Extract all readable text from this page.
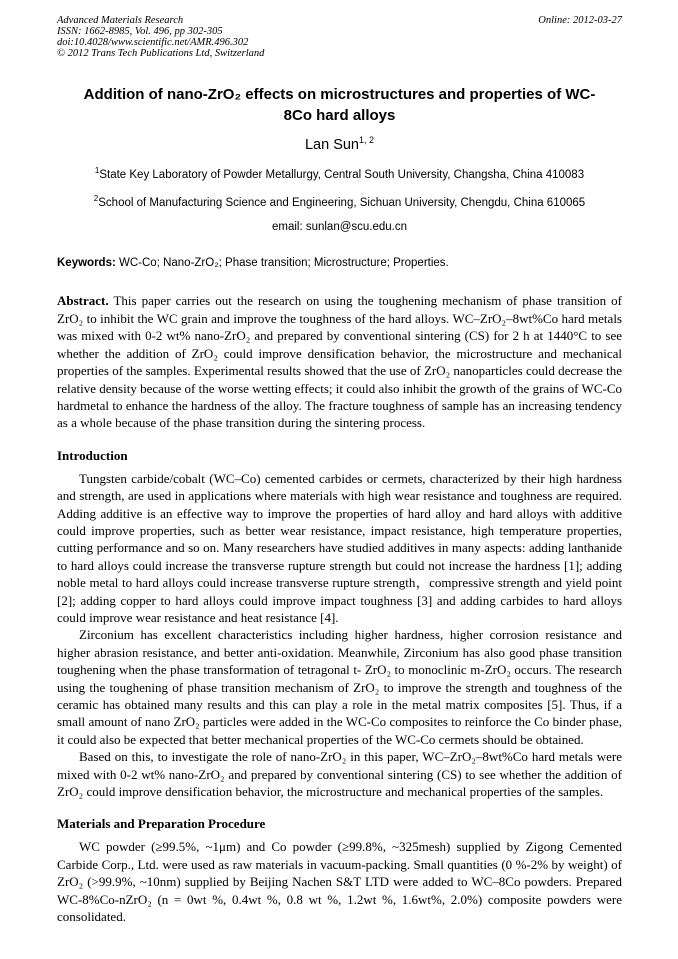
Advanced Materials Research
ISSN: 1662-8985, Vol. 496, pp 302-305
doi:10.4028/www.scientific.net/AMR.496.302
© 2012 Trans Tech Publications Ltd, Switzerland
Online: 2012-03-27
Addition of nano-ZrO₂ effects on microstructures and properties of WC-8Co hard alloys
Lan Sun$^{1, 2}$
$^1$State Key Laboratory of Powder Metallurgy, Central South University, Changsha, China 410083
$^2$School of Manufacturing Science and Engineering, Sichuan University, Chengdu, China 610065
email: sunlan@scu.edu.cn
Keywords: WC-Co; Nano-ZrO₂; Phase transition; Microstructure; Properties.

Abstract. This paper carries out the research on using the toughening mechanism of phase transition of ZrO₂ to inhibit the WC grain and improve the toughness of the hard alloys. WC–ZrO₂–8wt%Co hard metals was mixed with 0-2 wt% nano-ZrO₂ and prepared by conventional sintering (CS) for 2 h at 1440°C to see whether the addition of ZrO₂ could improve densification behavior, the microstructure and mechanical properties of the samples. Experimental results showed that the use of ZrO₂ nanoparticles could decrease the relative density because of the worse wetting effects; it could also inhibit the growth of the grains of WC-Co hardmetal to enhance the hardness of the alloy. The fracture toughness of sample has an increasing tendency as a whole because of the phase transition during the sintering process.

Introduction

Tungsten carbide/cobalt (WC–Co) cemented carbides or cermets, characterized by their high hardness and strength, are used in applications where materials with high wear resistance and toughness are required. Adding additive is an effective way to improve the properties of hard alloy and hard alloys with additive could improve properties, such as better wear resistance, impact resistance, high temperature properties, cutting performance and so on. Many researchers have studied additives in many aspects: adding lanthanide to hard alloys could increase the transverse rupture strength but could not increase the hardness [1]; adding noble metal to hard alloys could increase transverse rupture strength，compressive strength and yield point [2]; adding copper to hard alloys could improve impact toughness [3] and adding carbides to hard alloys could improve wear resistance and heat resistance [4].

Zirconium has excellent characteristics including higher hardness, higher corrosion resistance and higher abrasion resistance, and better anti-oxidation. Meanwhile, Zirconium has also good phase transition toughening when the phase transformation of tetragonal t- ZrO₂ to monoclinic m-ZrO₂ occurs. The research using the toughening of phase transition mechanism of ZrO₂ to improve the strength and toughness of the ceramic has obtained many results and this can play a role in the metal matrix composites [5]. Thus, if a small amount of nano ZrO₂ particles were added in the WC-Co composites to reinforce the Co binder phase, it could also be expected that better mechanical properties of the WC-Co cermets should be obtained.

Based on this, to investigate the role of nano-ZrO₂ in this paper, WC–ZrO₂–8wt%Co hard metals were mixed with 0-2 wt% nano-ZrO₂ and prepared by conventional sintering (CS) to see whether the addition of ZrO₂ could improve densification behavior, the microstructure and mechanical properties of the samples.

Materials and Preparation Procedure

WC powder (≥99.5%, ~1μm) and Co powder (≥99.8%, ~325mesh) supplied by Zigong Cemented Carbide Corp., Ltd. were used as raw materials in vacuum-packing. Small quantities (0 %-2% by weight) of ZrO₂ (>99.9%, ~10nm) supplied by Beijing Nachen S&T LTD were added to WC–8Co powders. Prepared WC-8%Co-nZrO₂ (n = 0wt %, 0.4wt %, 0.8 wt %, 1.2wt %, 1.6wt%, 2.0%) composite powders were consolidated.
